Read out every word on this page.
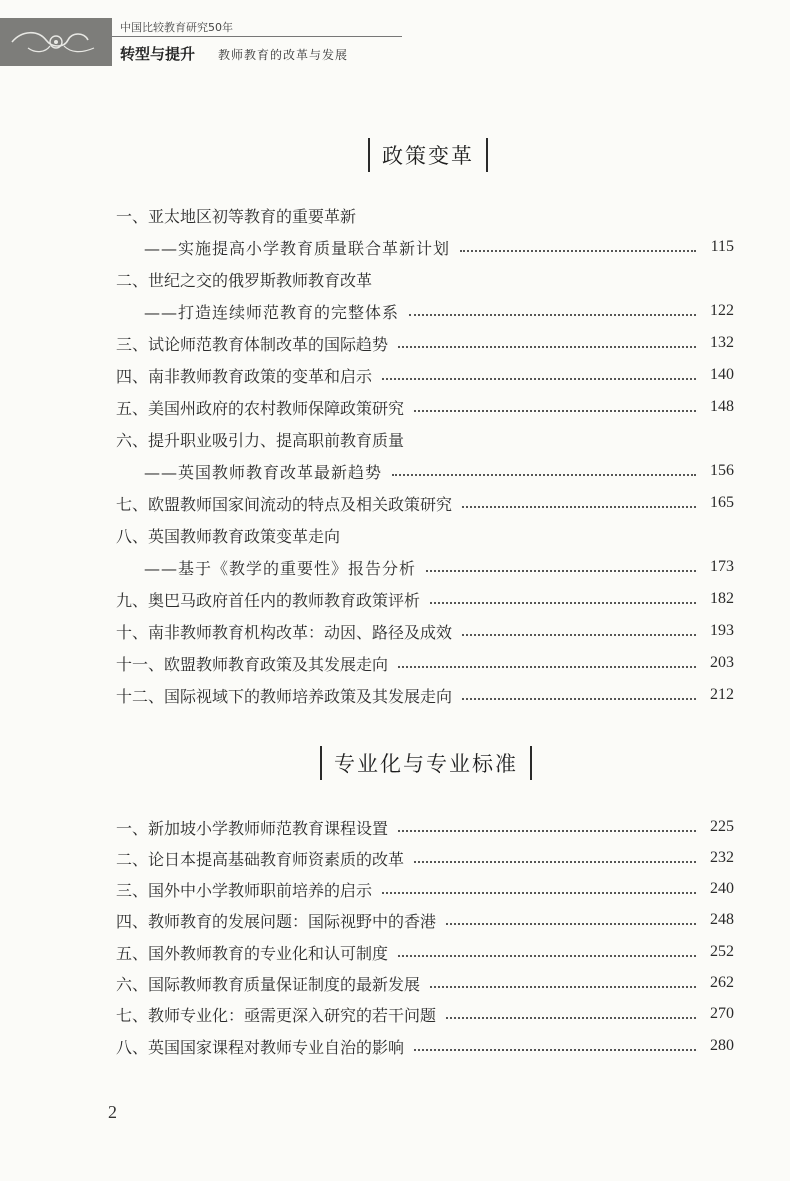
中国比较教育研究50年
转型与提升 教师教育的改革与发展
政策变革
专业化与专业标准
一、亚太地区初等教育的重要革新
——实施提高小学教育质量联合革新计划	115
二、世纪之交的俄罗斯教师教育改革
——打造连续师范教育的完整体系	122
三、试论师范教育体制改革的国际趋势	132
四、南非教师教育政策的变革和启示	140
五、美国州政府的农村教师保障政策研究	148
六、提升职业吸引力、提高职前教育质量
——英国教师教育改革最新趋势	156
七、欧盟教师国家间流动的特点及相关政策研究	165
八、英国教师教育政策变革走向
——基于《教学的重要性》报告分析	173
九、奥巴马政府首任内的教师教育政策评析	182
十、南非教师教育机构改革：动因、路径及成效	193
十一、欧盟教师教育政策及其发展走向	203
十二、国际视域下的教师培养政策及其发展走向	212
一、新加坡小学教师师范教育课程设置	225
二、论日本提高基础教育师资素质的改革	232
三、国外中小学教师职前培养的启示	240
四、教师教育的发展问题：国际视野中的香港	248
五、国外教师教育的专业化和认可制度	252
六、国际教师教育质量保证制度的最新发展	262
七、教师专业化：亟需更深入研究的若干问题	270
八、英国国家课程对教师专业自治的影响	280
2
